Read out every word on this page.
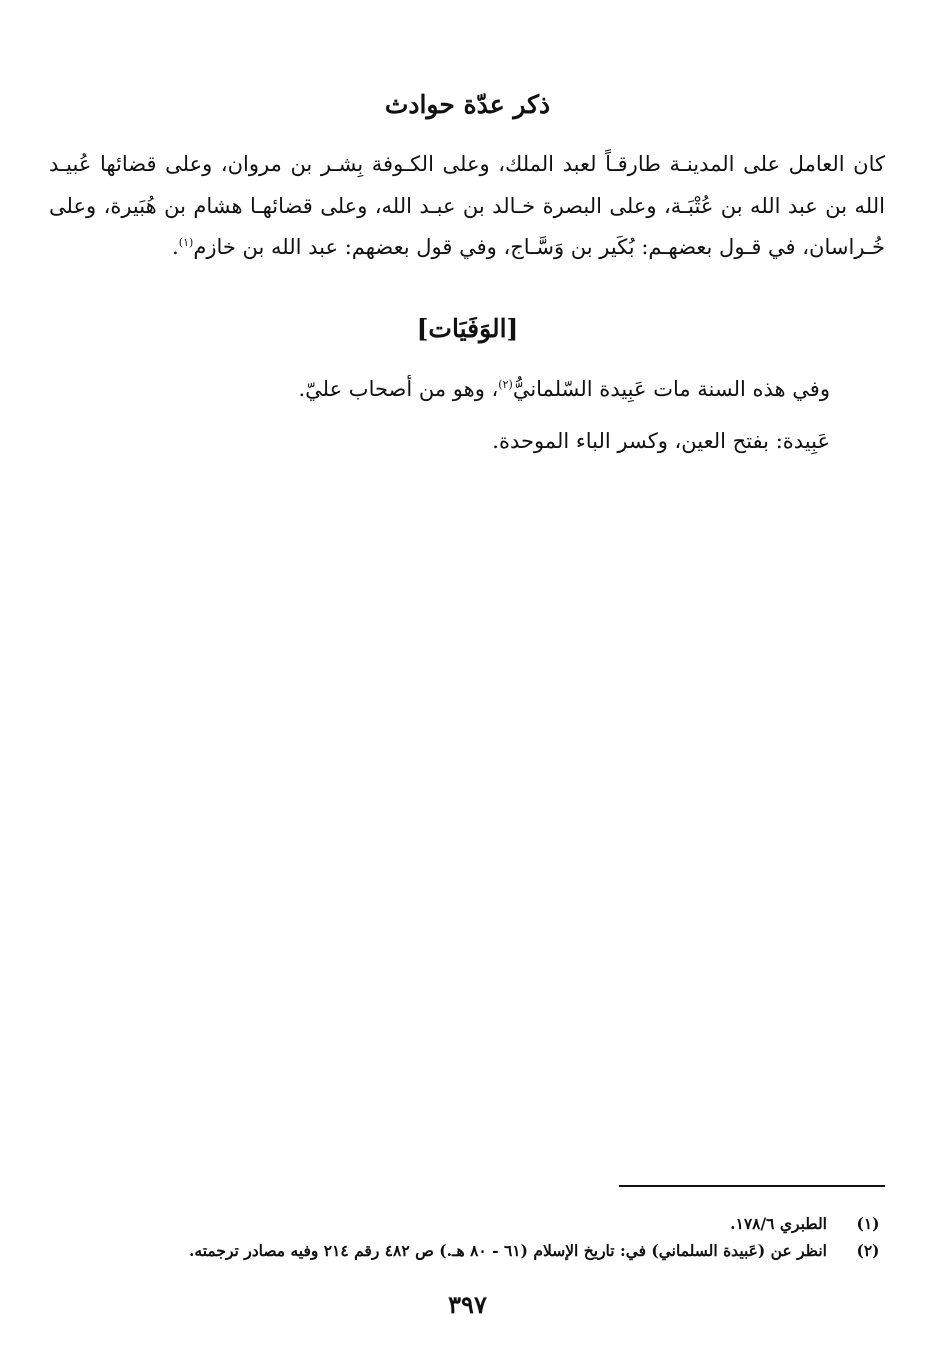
ذكر عدّة حوادث

كان العامل على المدينـة طارقـاً لعبد الملك، وعلى الكـوفة بِشـر بن مروان، وعلى قضائها عُبيـد الله بن عبد الله بن عُتْبَـة، وعلى البصرة خـالد بن عبـد الله، وعلى قضائهـا هشام بن هُبَيرة، وعلى خُـراسان، في قـول بعضهـم: بُكَير بن وَسَّـاج، وفي قول بعضهم: عبد الله بن خازم$^{(١)}$.

[الوَفَيَات]

وفي هذه السنة مات عَبِيدة السّلمانيُّ$^{(٢)}$، وهو من أصحاب عليّ.

عَبِيدة: بفتح العين، وكسر الباء الموحدة.

(١)
الطبري ١٧٨/٦.
(٢)
انظر عن (عَبيدة السلماني) في: تاريخ الإسلام (٦١ - ٨٠ هـ.) ص ٤٨٢ رقم ٢١٤ وفيه مصادر ترجمته.
٣٩٧
